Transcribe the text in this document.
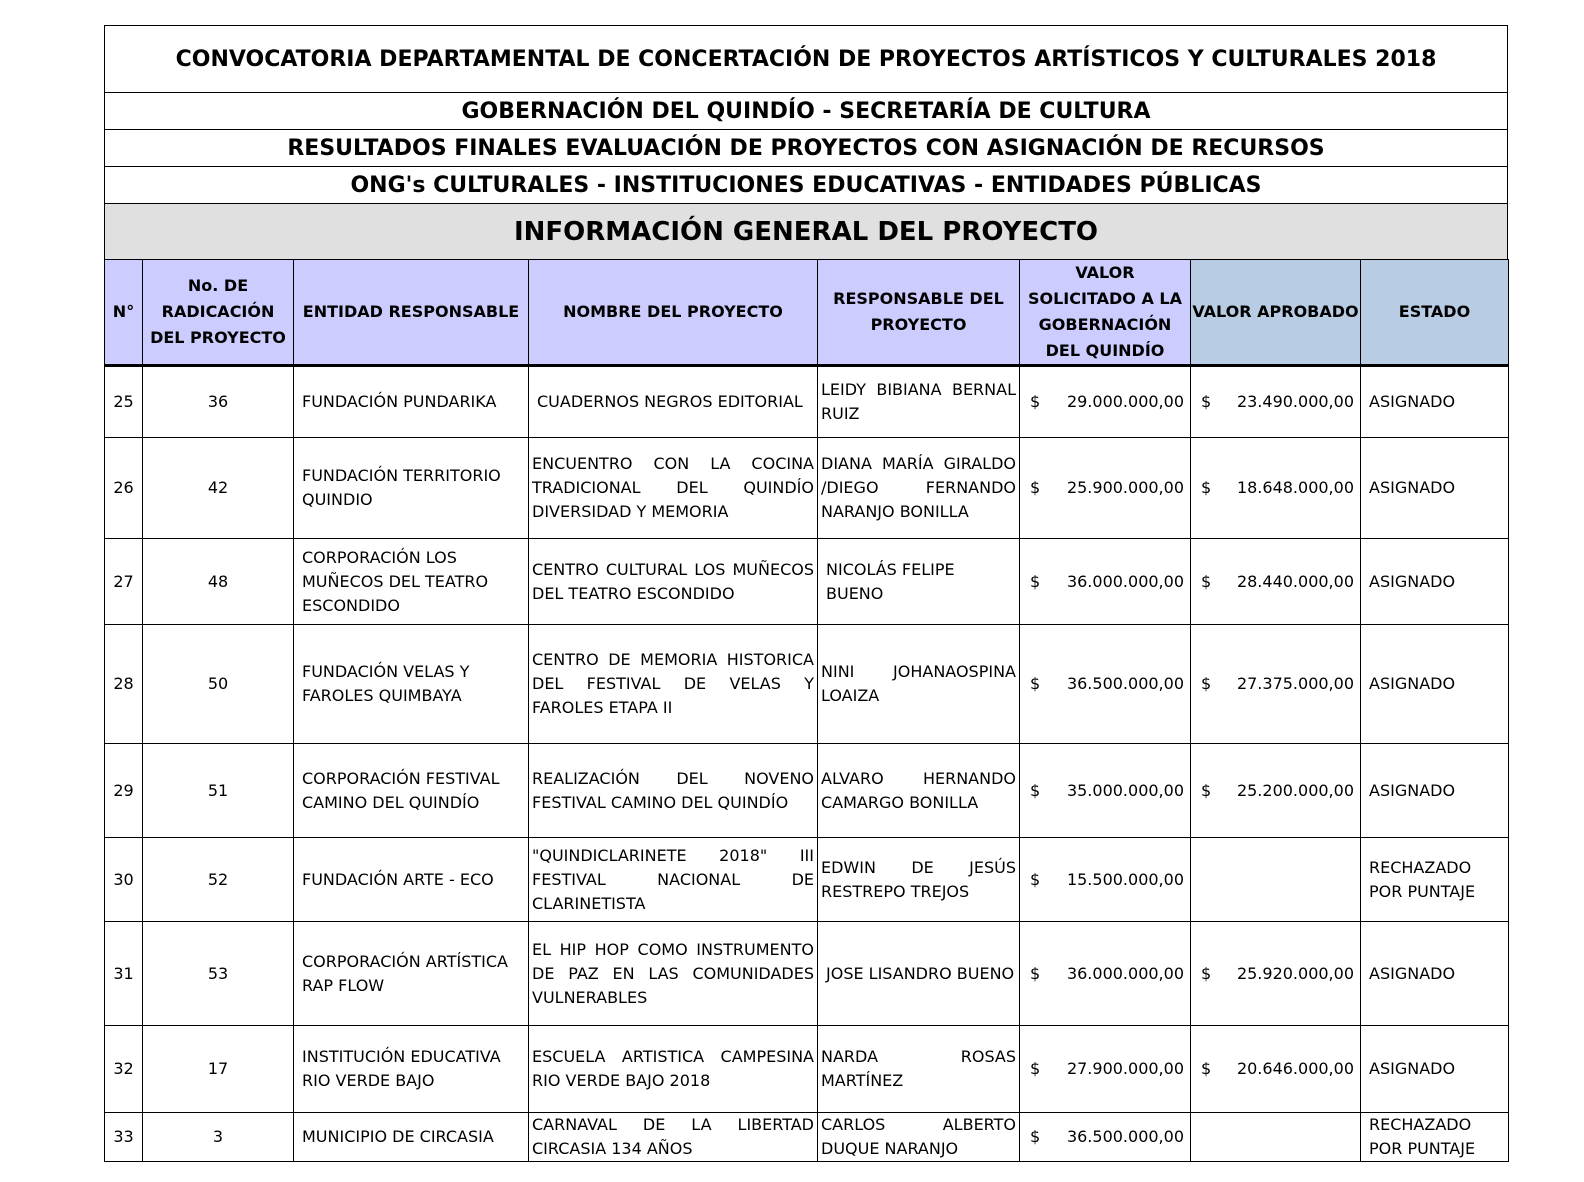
CONVOCATORIA DEPARTAMENTAL DE CONCERTACIÓN DE PROYECTOS ARTÍSTICOS Y CULTURALES 2018
GOBERNACIÓN DEL QUINDÍO - SECRETARÍA DE CULTURA
RESULTADOS FINALES EVALUACIÓN DE PROYECTOS CON ASIGNACIÓN DE RECURSOS
ONG's CULTURALES - INSTITUCIONES EDUCATIVAS - ENTIDADES PÚBLICAS
INFORMACIÓN GENERAL DEL PROYECTO
N°	No. DE RADICACIÓN DEL PROYECTO	ENTIDAD RESPONSABLE	NOMBRE DEL PROYECTO	RESPONSABLE DEL PROYECTO	VALOR SOLICITADO A LA GOBERNACIÓN DEL QUINDÍO	VALOR APROBADO	ESTADO
25	36	FUNDACIÓN PUNDARIKA	CUADERNOS NEGROS EDITORIAL	LEIDY BIBIANA BERNAL RUIZ	$ 29.000.000,00	$ 23.490.000,00	ASIGNADO
26	42	FUNDACIÓN TERRITORIO QUINDIO	ENCUENTRO CON LA COCINA TRADICIONAL DEL QUINDÍO DIVERSIDAD Y MEMORIA	DIANA MARÍA GIRALDO /DIEGO FERNANDO NARANJO BONILLA	$ 25.900.000,00	$ 18.648.000,00	ASIGNADO
27	48	CORPORACIÓN LOS MUÑECOS DEL TEATRO ESCONDIDO	CENTRO CULTURAL LOS MUÑECOS DEL TEATRO ESCONDIDO	NICOLÁS FELIPE BUENO	$ 36.000.000,00	$ 28.440.000,00	ASIGNADO
28	50	FUNDACIÓN VELAS Y FAROLES QUIMBAYA	CENTRO DE MEMORIA HISTORICA DEL FESTIVAL DE VELAS Y FAROLES ETAPA II	NINI JOHANAOSPINA LOAIZA	$ 36.500.000,00	$ 27.375.000,00	ASIGNADO
29	51	CORPORACIÓN FESTIVAL CAMINO DEL QUINDÍO	REALIZACIÓN DEL NOVENO FESTIVAL CAMINO DEL QUINDÍO	ALVARO HERNANDO CAMARGO BONILLA	$ 35.000.000,00	$ 25.200.000,00	ASIGNADO
30	52	FUNDACIÓN ARTE - ECO	"QUINDICLARINETE 2018" III FESTIVAL NACIONAL DE CLARINETISTA	EDWIN DE JESÚS RESTREPO TREJOS	$ 15.500.000,00		RECHAZADO POR PUNTAJE
31	53	CORPORACIÓN ARTÍSTICA RAP FLOW	EL HIP HOP COMO INSTRUMENTO DE PAZ EN LAS COMUNIDADES VULNERABLES	JOSE LISANDRO BUENO	$ 36.000.000,00	$ 25.920.000,00	ASIGNADO
32	17	INSTITUCIÓN EDUCATIVA RIO VERDE BAJO	ESCUELA ARTISTICA CAMPESINA RIO VERDE BAJO 2018	NARDA ROSAS MARTÍNEZ	$ 27.900.000,00	$ 20.646.000,00	ASIGNADO
33	3	MUNICIPIO DE CIRCASIA	CARNAVAL DE LA LIBERTAD CIRCASIA 134 AÑOS	CARLOS ALBERTO DUQUE NARANJO	$ 36.500.000,00		RECHAZADO POR PUNTAJE
